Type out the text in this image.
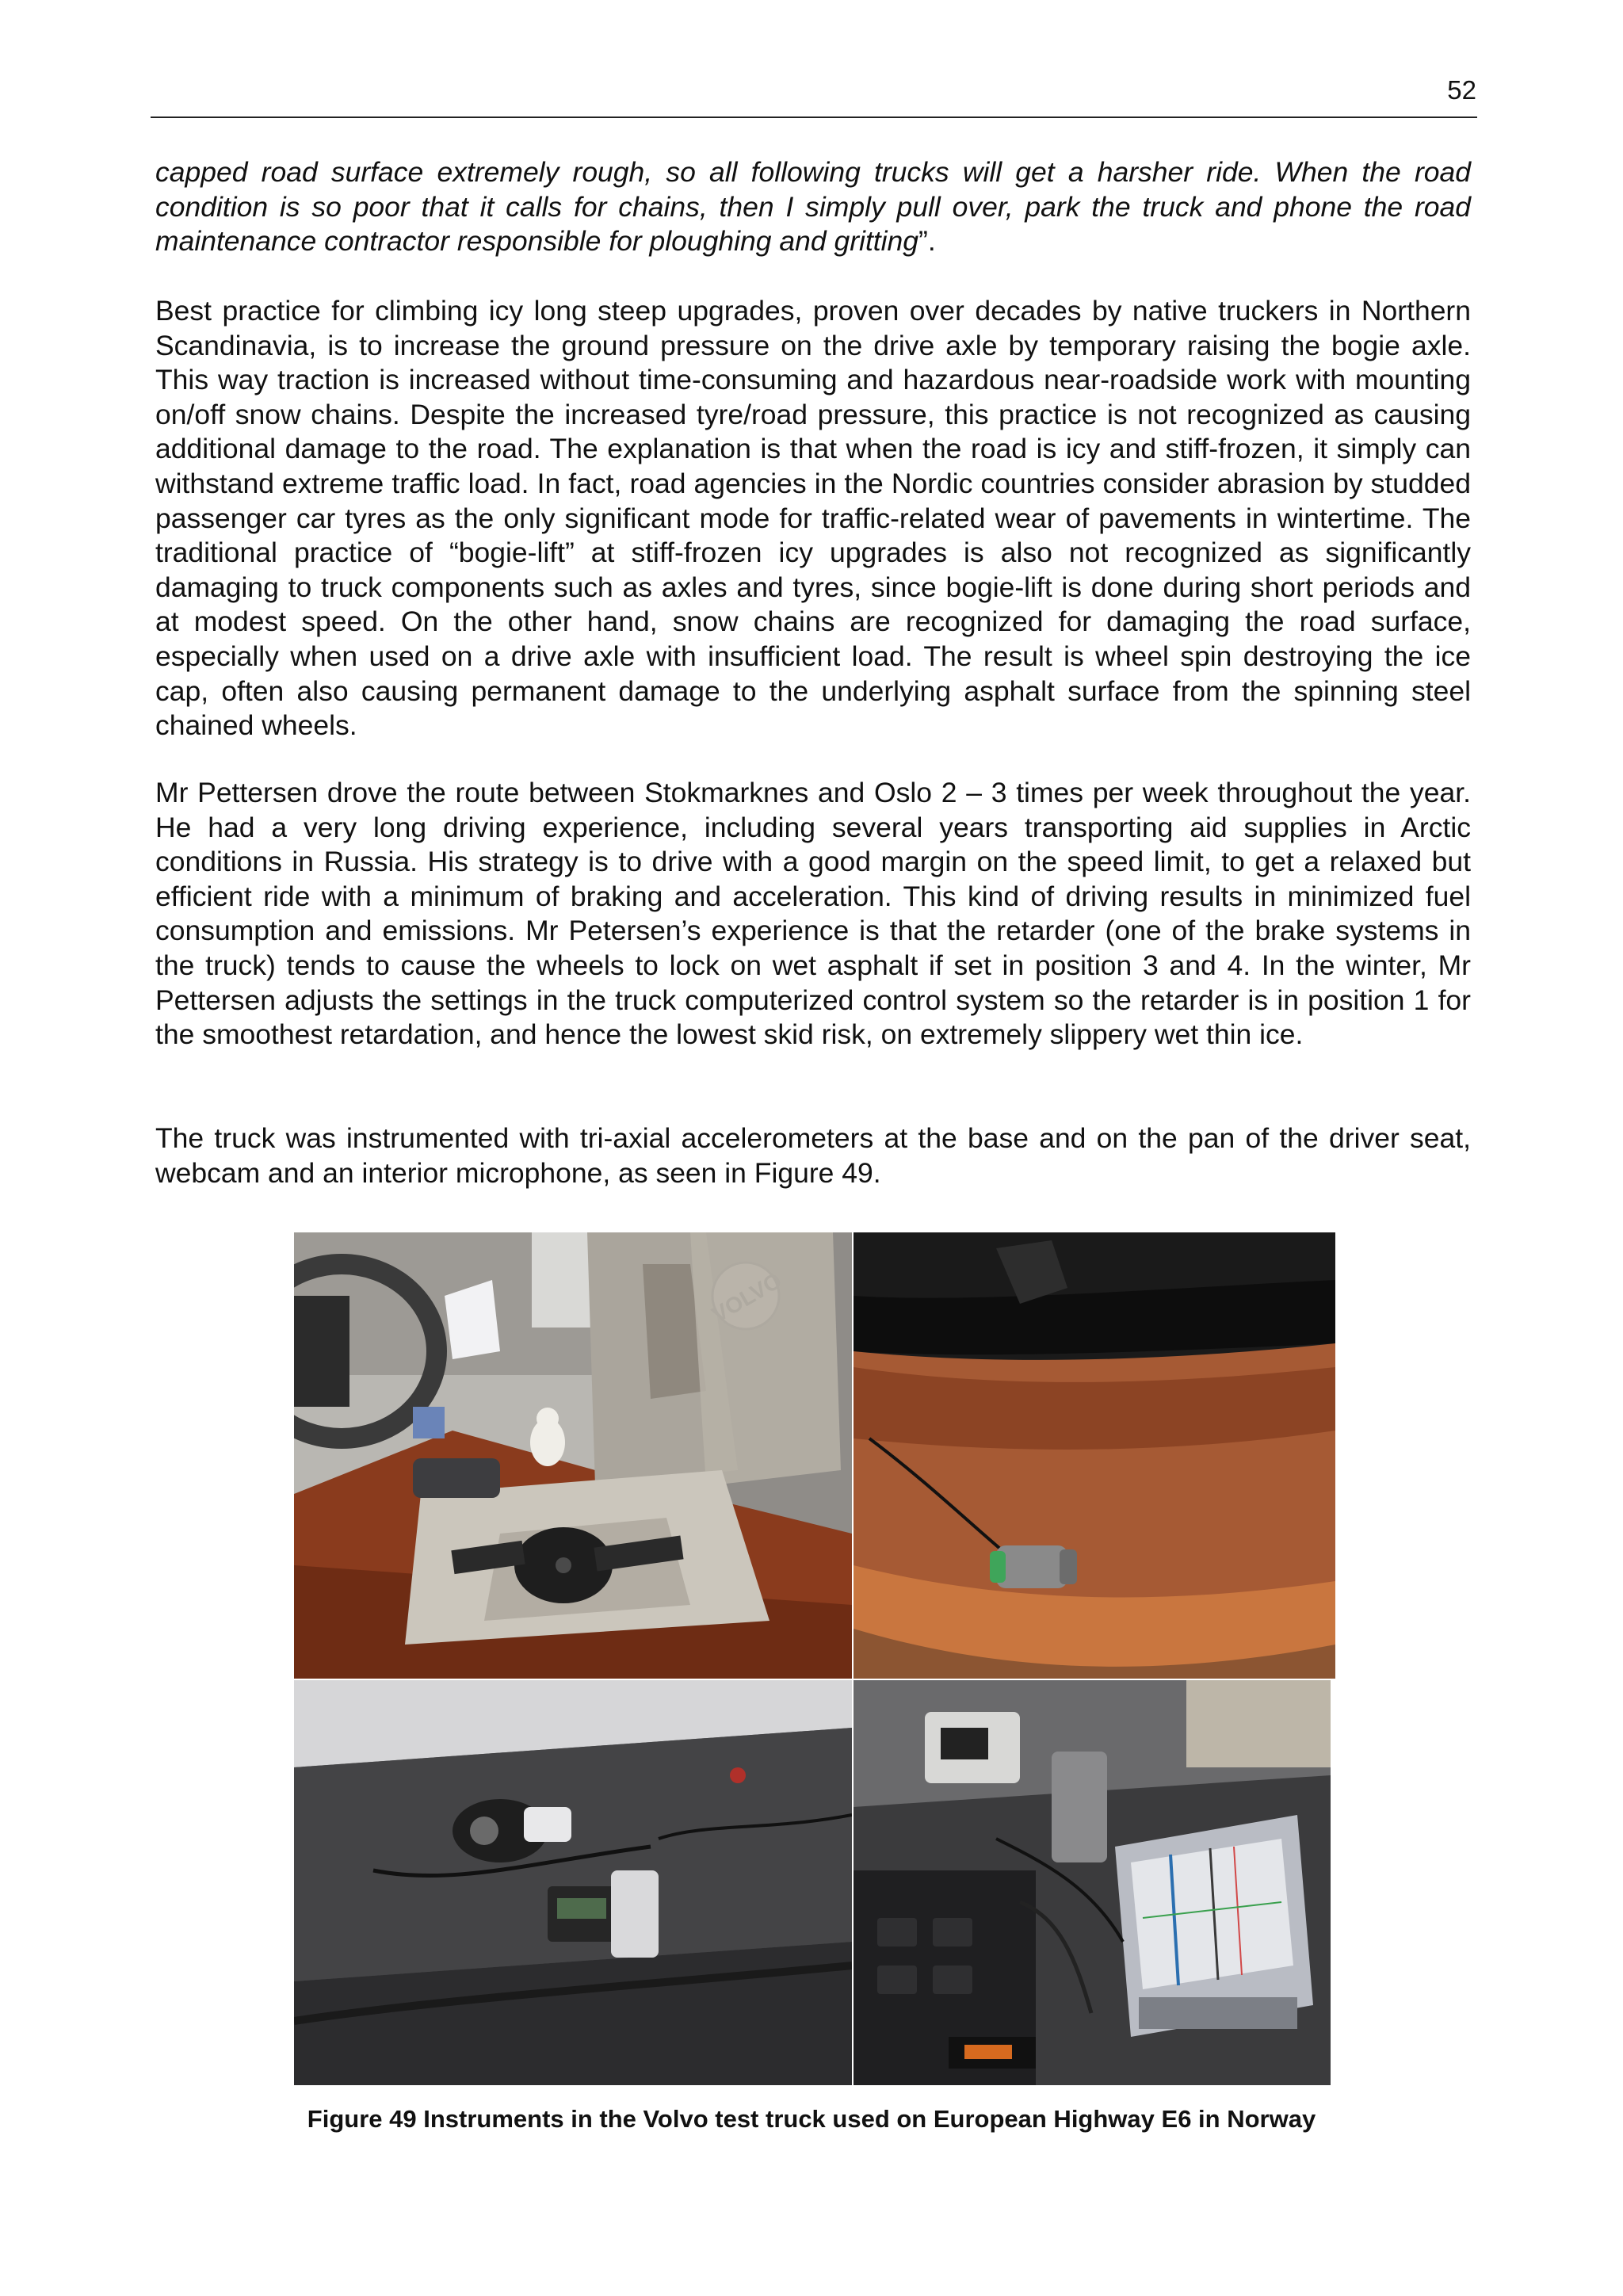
52
capped road surface extremely rough, so all following trucks will get a harsher ride. When the road condition is so poor that it calls for chains, then I simply pull over, park the truck and phone the road maintenance contractor responsible for ploughing and gritting”.
Best practice for climbing icy long steep upgrades, proven over decades by native truckers in Northern Scandinavia, is to increase the ground pressure on the drive axle by temporary raising the bogie axle. This way traction is increased without time-consuming and hazardous near-roadside work with mounting on/off snow chains. Despite the increased tyre/road pressure, this practice is not recognized as causing additional damage to the road. The explanation is that when the road is icy and stiff-frozen, it simply can withstand extreme traffic load. In fact, road agencies in the Nordic countries consider abrasion by studded passenger car tyres as the only significant mode for traffic-related wear of pavements in wintertime. The traditional practice of “bogie-lift” at stiff-frozen icy upgrades is also not recognized as significantly damaging to truck components such as axles and tyres, since bogie-lift is done during short periods and at modest speed. On the other hand, snow chains are recognized for damaging the road surface, especially when used on a drive axle with insufficient load. The result is wheel spin destroying the ice cap, often also causing permanent damage to the underlying asphalt surface from the spinning steel chained wheels.
Mr Pettersen drove the route between Stokmarknes and Oslo 2 – 3 times per week throughout the year. He had a very long driving experience, including several years transporting aid supplies in Arctic conditions in Russia. His strategy is to drive with a good margin on the speed limit, to get a relaxed but efficient ride with a minimum of braking and acceleration. This kind of driving results in minimized fuel consumption and emissions. Mr Petersen’s experience is that the retarder (one of the brake systems in the truck) tends to cause the wheels to lock on wet asphalt if set in position 3 and 4. In the winter, Mr Pettersen adjusts the settings in the truck computerized control system so the retarder is in position 1 for the smoothest retardation, and hence the lowest skid risk, on extremely slippery wet thin ice.
The truck was instrumented with tri-axial accelerometers at the base and on the pan of the driver seat, webcam and an interior microphone, as seen in Figure 49.
Figure 49 Instruments in the Volvo test truck used on European Highway E6 in Norway
